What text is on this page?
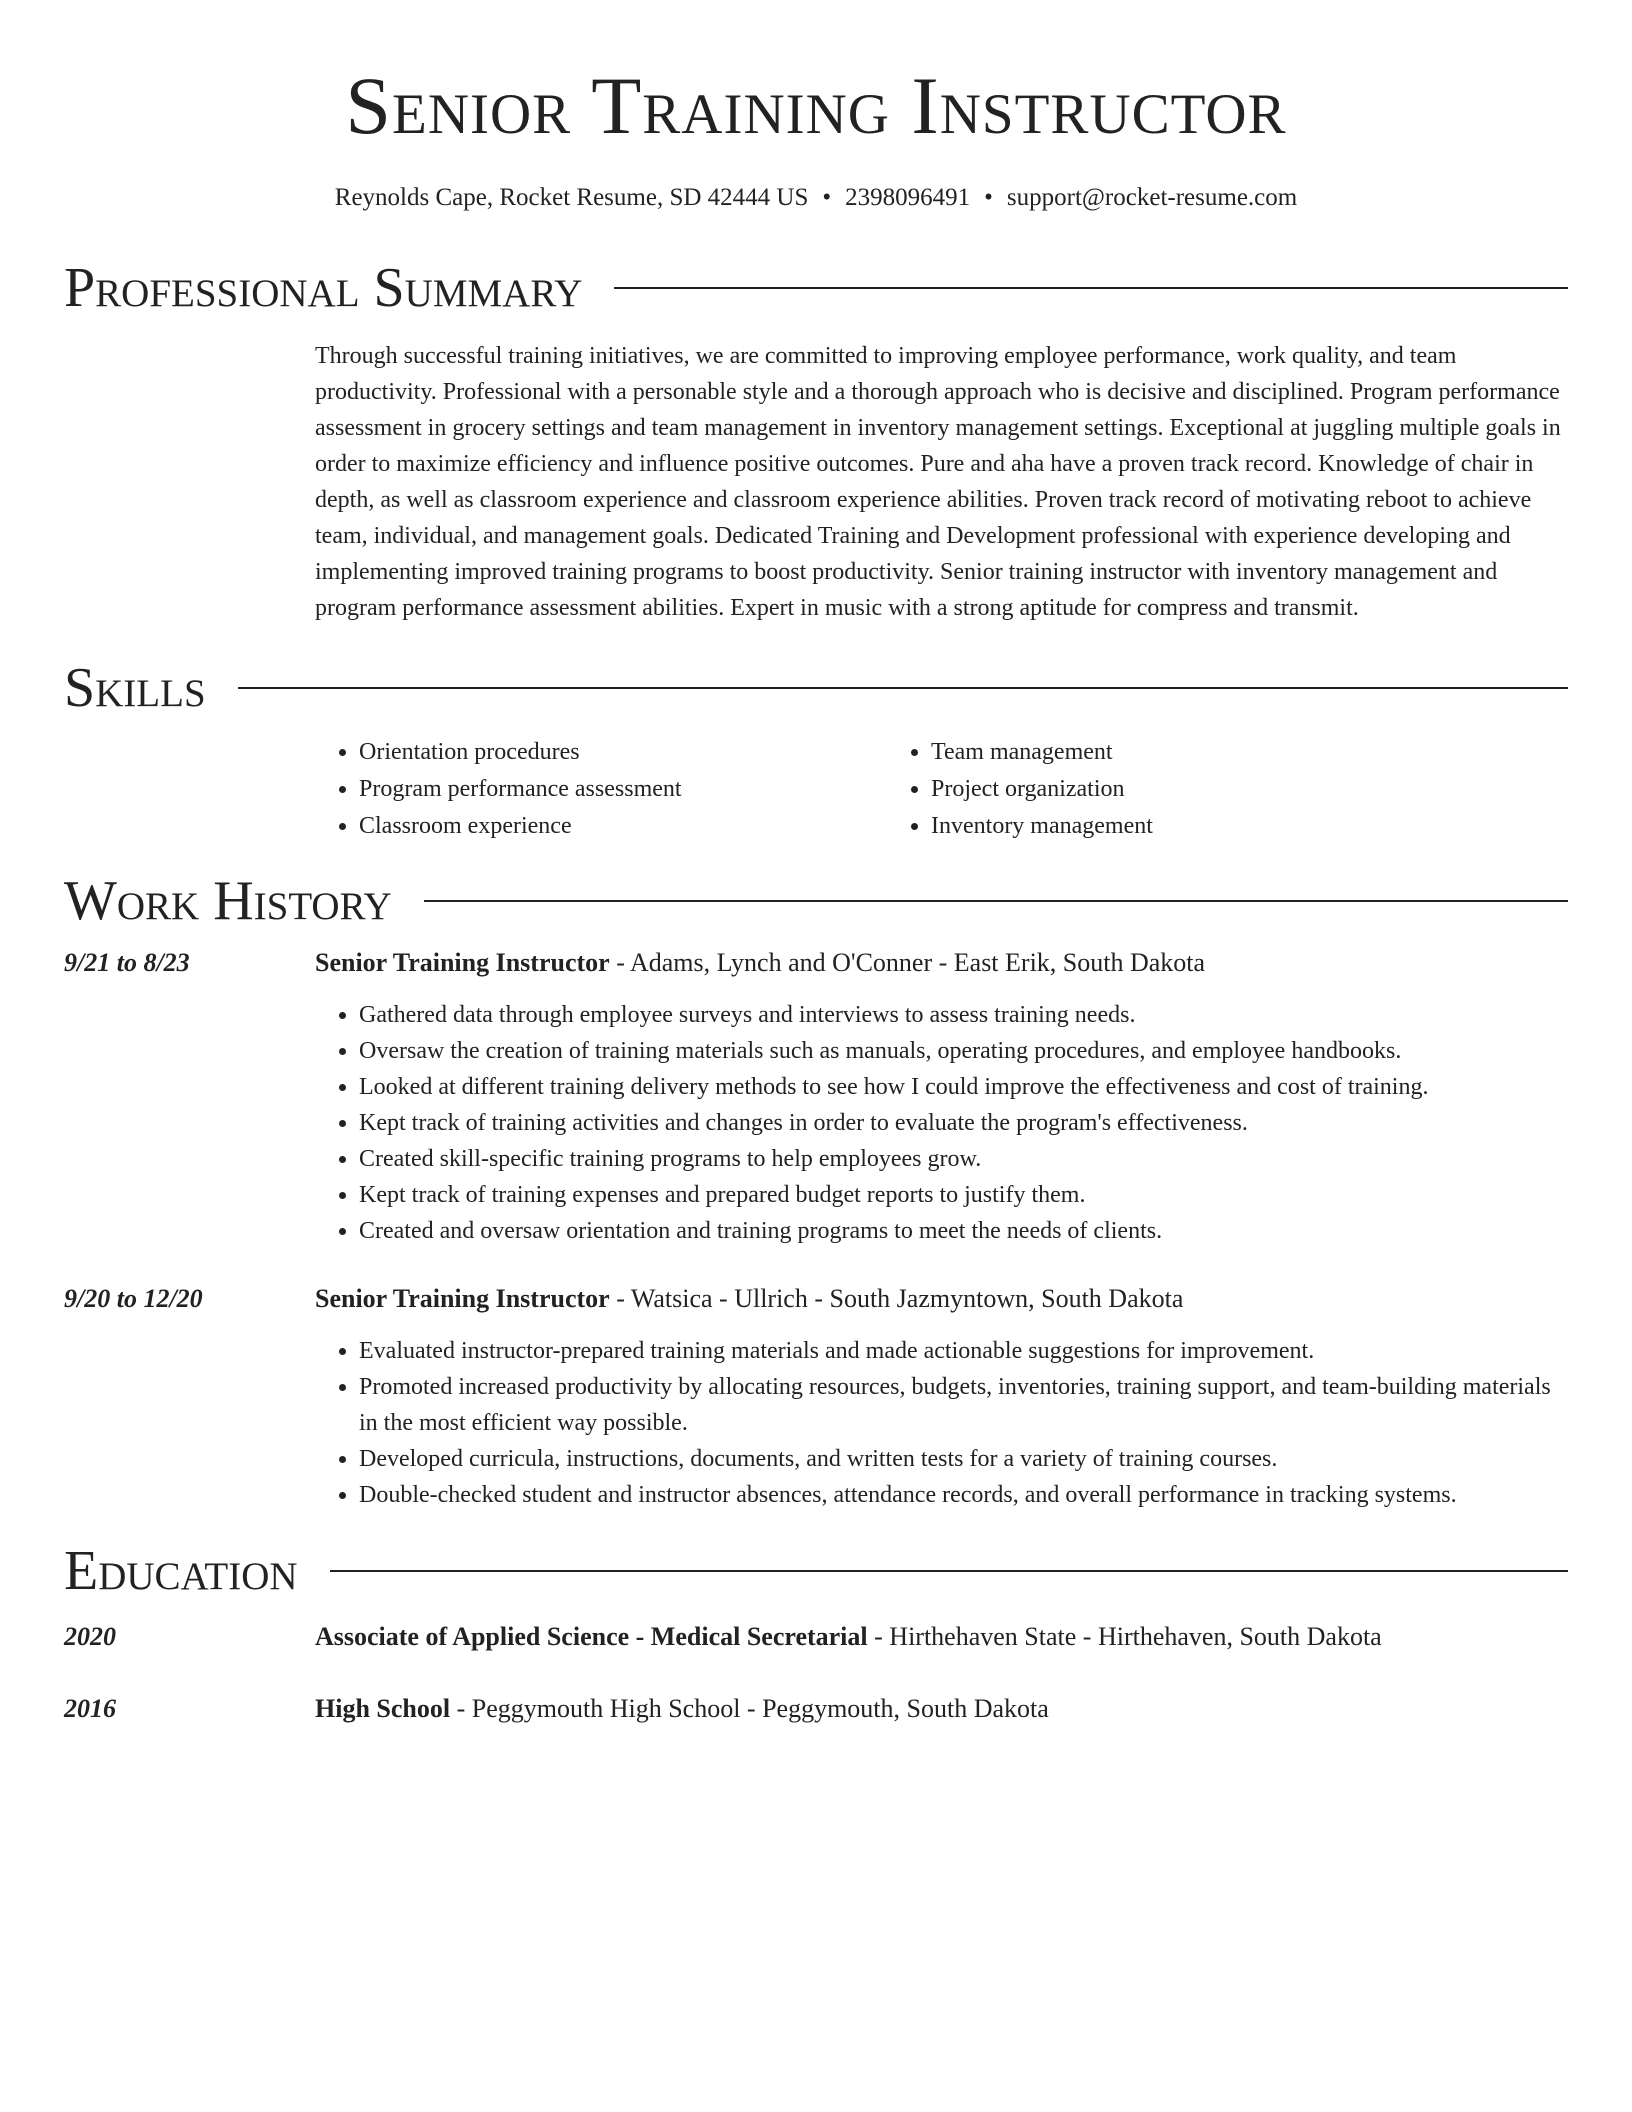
Senior Training Instructor
Reynolds Cape, Rocket Resume, SD 42444 US • 2398096491 • support@rocket-resume.com
Professional Summary
Through successful training initiatives, we are committed to improving employee performance, work quality, and team productivity. Professional with a personable style and a thorough approach who is decisive and disciplined. Program performance assessment in grocery settings and team management in inventory management settings. Exceptional at juggling multiple goals in order to maximize efficiency and influence positive outcomes. Pure and aha have a proven track record. Knowledge of chair in depth, as well as classroom experience and classroom experience abilities. Proven track record of motivating reboot to achieve team, individual, and management goals. Dedicated Training and Development professional with experience developing and implementing improved training programs to boost productivity. Senior training instructor with inventory management and program performance assessment abilities. Expert in music with a strong aptitude for compress and transmit.
Skills
• Orientation procedures
• Program performance assessment
• Classroom experience
• Team management
• Project organization
• Inventory management
Work History
9/21 to 8/23	Senior Training Instructor - Adams, Lynch and O'Conner - East Erik, South Dakota
• Gathered data through employee surveys and interviews to assess training needs.
• Oversaw the creation of training materials such as manuals, operating procedures, and employee handbooks.
• Looked at different training delivery methods to see how I could improve the effectiveness and cost of training.
• Kept track of training activities and changes in order to evaluate the program's effectiveness.
• Created skill-specific training programs to help employees grow.
• Kept track of training expenses and prepared budget reports to justify them.
• Created and oversaw orientation and training programs to meet the needs of clients.
9/20 to 12/20	Senior Training Instructor - Watsica - Ullrich - South Jazmyntown, South Dakota
• Evaluated instructor-prepared training materials and made actionable suggestions for improvement.
• Promoted increased productivity by allocating resources, budgets, inventories, training support, and team-building materials in the most efficient way possible.
• Developed curricula, instructions, documents, and written tests for a variety of training courses.
• Double-checked student and instructor absences, attendance records, and overall performance in tracking systems.
Education
2020	Associate of Applied Science - Medical Secretarial - Hirthehaven State - Hirthehaven, South Dakota
2016	High School - Peggymouth High School - Peggymouth, South Dakota
